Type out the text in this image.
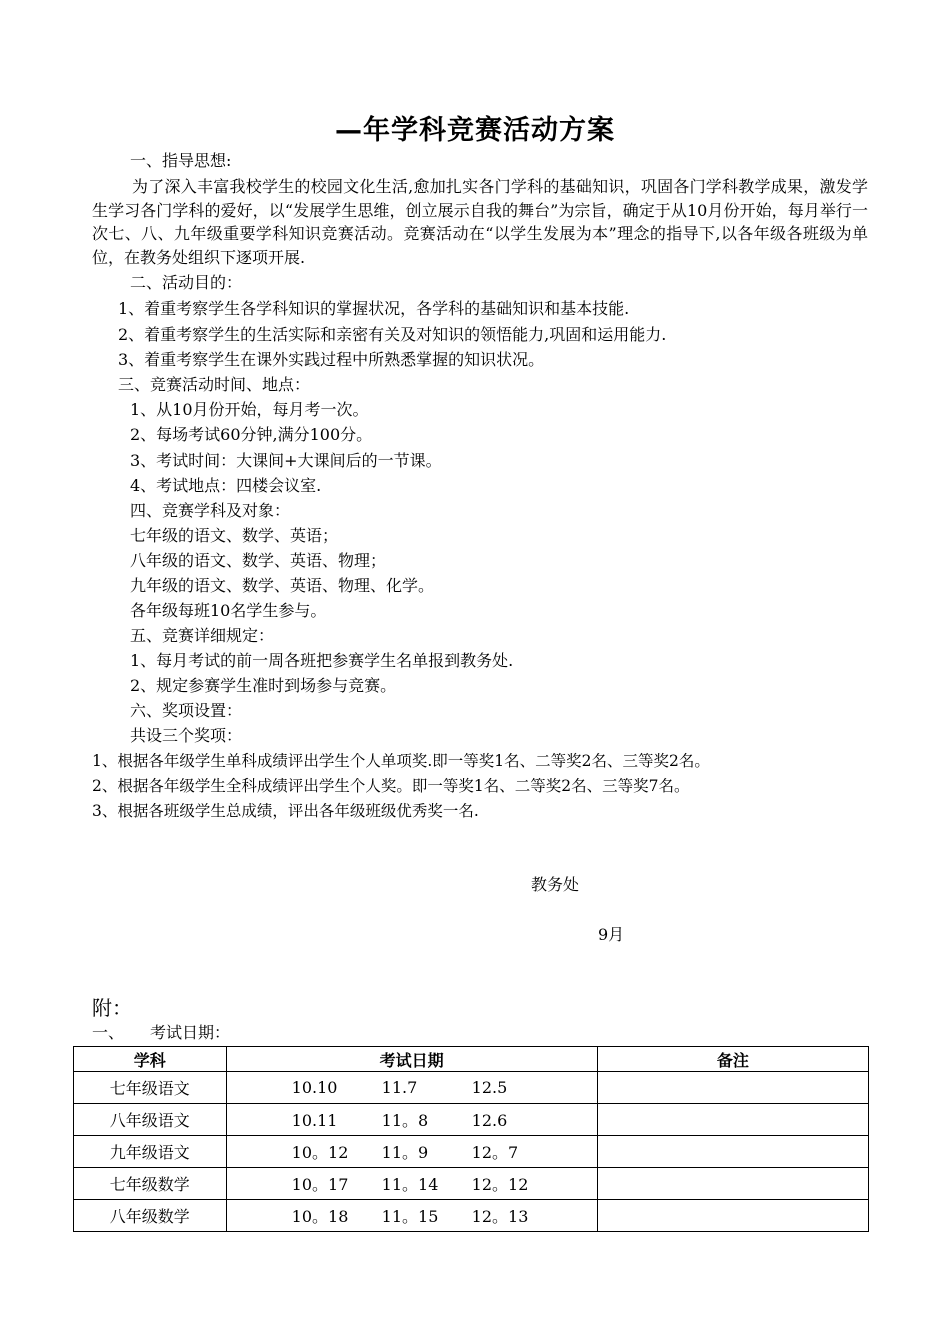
—年学科竞赛活动方案
一、指导思想:
为了深入丰富我校学生的校园文化生活,愈加扎实各门学科的基础知识，巩固各门学科教学成果，激发学生学习各门学科的爱好，以“发展学生思维，创立展示自我的舞台”为宗旨，确定于从10月份开始，每月举行一次七、八、九年级重要学科知识竞赛活动。竞赛活动在“以学生发展为本”理念的指导下,以各年级各班级为单位，在教务处组织下逐项开展.
二、活动目的：
1、着重考察学生各学科知识的掌握状况，各学科的基础知识和基本技能.
2、着重考察学生的生活实际和亲密有关及对知识的领悟能力,巩固和运用能力.
3、着重考察学生在课外实践过程中所熟悉掌握的知识状况。
三、竞赛活动时间、地点：
1、从10月份开始，每月考一次。
2、每场考试60分钟,满分100分。
3、考试时间：大课间+大课间后的一节课。
4、考试地点：四楼会议室.
四、竞赛学科及对象：
七年级的语文、数学、英语；
八年级的语文、数学、英语、物理；
九年级的语文、数学、英语、物理、化学。
各年级每班10名学生参与。
五、竞赛详细规定：
1、每月考试的前一周各班把参赛学生名单报到教务处.
2、规定参赛学生准时到场参与竞赛。
六、奖项设置：
共设三个奖项：
1、根据各年级学生单科成绩评出学生个人单项奖.即一等奖1名、二等奖2名、三等奖2名。
2、根据各年级学生全科成绩评出学生个人奖。即一等奖1名、二等奖2名、三等奖7名。
3、根据各班级学生总成绩，评出各年级班级优秀奖一名.
教务处
9月
附：
一、 考试日期：
学科	考试日期	备注
七年级语文	10.10 11.7 12.5	
八年级语文	10.11 11。8 12.6	
九年级语文	10。12 11。9 12。7	
七年级数学	10。17 11。14 12。12	
八年级数学	10。18 11。15 12。13	
